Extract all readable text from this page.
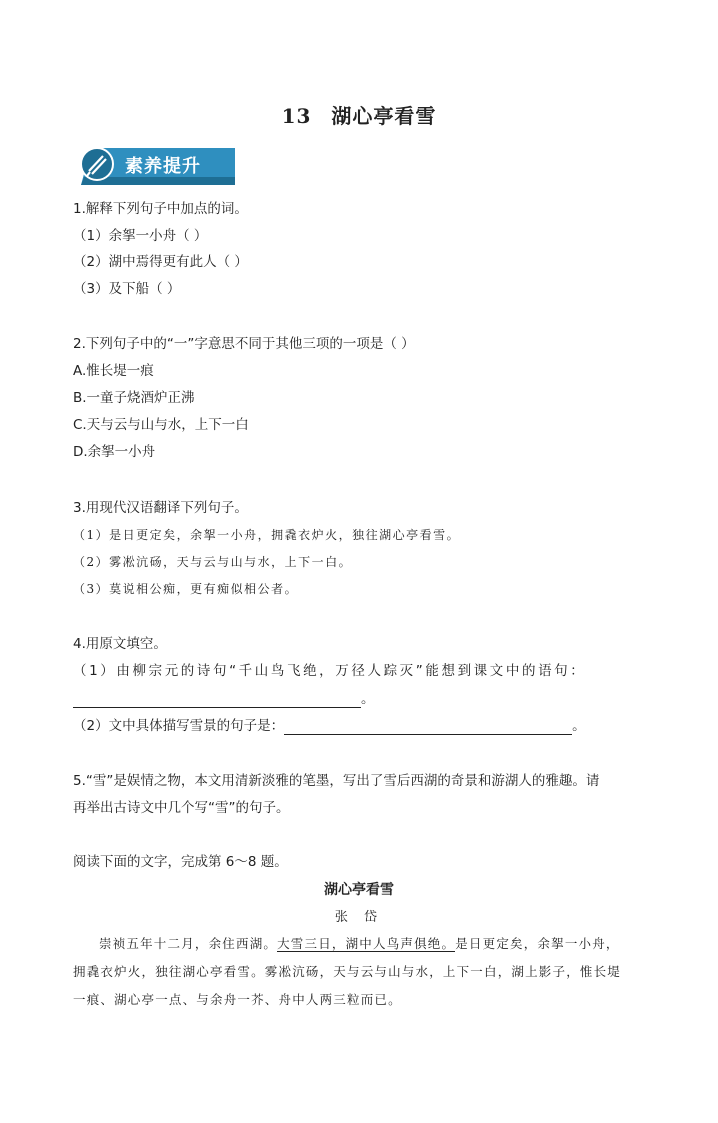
13 湖心亭看雪
素养提升
1.解释下列句子中加点的词。
（1）余挐一小舟（ ）
（2）湖中焉得更有此人（ ）
（3）及下船（ ）
2.下列句子中的“一”字意思不同于其他三项的一项是（ ）
A.惟长堤一痕
B.一童子烧酒炉正沸
C.天与云与山与水，上下一白
D.余挐一小舟
3.用现代汉语翻译下列句子。
（1）是日更定矣，余挐一小舟，拥毳衣炉火，独往湖心亭看雪。
（2）雾凇沆砀，天与云与山与水，上下一白。
（3）莫说相公痴，更有痴似相公者。
4.用原文填空。
（1）由柳宗元的诗句“千山鸟飞绝，万径人踪灭”能想到课文中的语句：
。
（2）文中具体描写雪景的句子是：	。
5.“雪”是娱情之物，本文用清新淡雅的笔墨，写出了雪后西湖的奇景和游湖人的雅趣。请
再举出古诗文中几个写“雪”的句子。
阅读下面的文字，完成第 6～8 题。
湖心亭看雪
张 岱
崇祯五年十二月，余住西湖。大雪三日，湖中人鸟声俱绝。是日更定矣，余挐一小舟，
拥毳衣炉火，独往湖心亭看雪。雾凇沆砀，天与云与山与水，上下一白，湖上影子，惟长堤
一痕、湖心亭一点、与余舟一芥、舟中人两三粒而已。
